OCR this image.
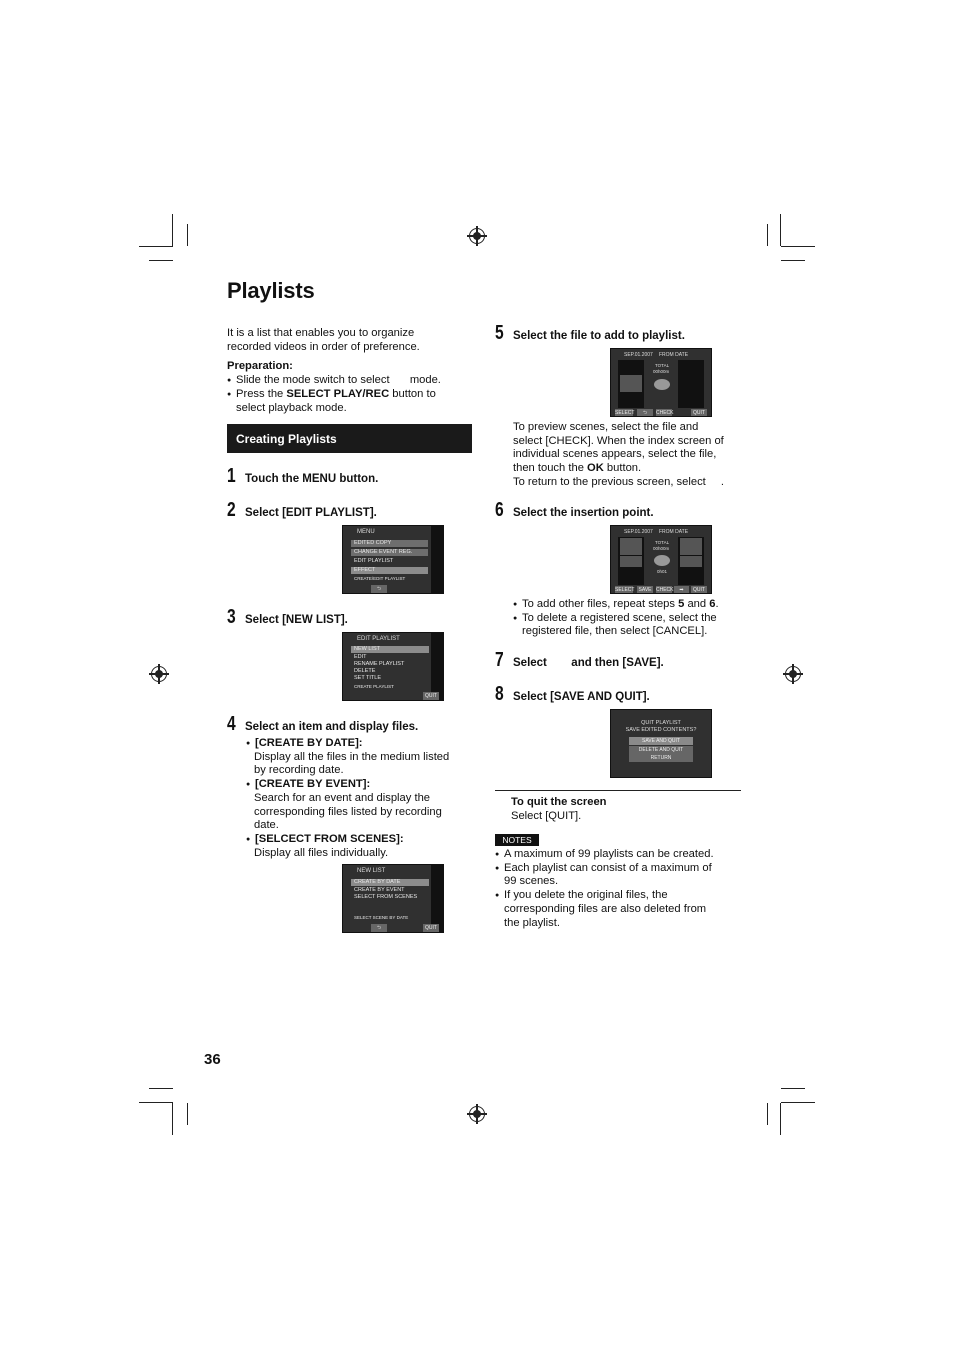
Playlists
It is a list that enables you to organize
recorded videos in order of preference.
Preparation:
● Slide the mode switch to select mode.
● Press the SELECT PLAY/REC button to
select playback mode.
Creating Playlists
1 Touch the MENU button.
2 Select [EDIT PLAYLIST].
MENU
EDITED COPY
CHANGE EVENT REG.
EDIT PLAYLIST
EFFECT
CREATE/EDIT PLAYLIST
⮌
3 Select [NEW LIST].
EDIT PLAYLIST
NEW LIST
EDIT
RENAME PLAYLIST
DELETE
SET TITLE
CREATE PLAYLIST
QUIT
4 Select an item and display files.
● [CREATE BY DATE]:
Display all the files in the medium listed
by recording date.
● [CREATE BY EVENT]:
Search for an event and display the
corresponding files listed by recording
date.
● [SELCECT FROM SCENES]:
Display all files individually.
NEW LIST
CREATE BY DATE
CREATE BY EVENT
SELECT FROM SCENES
SELECT SCENE BY DATE
⮌	QUIT
5 Select the file to add to playlist.
SEP.01.2007 FROM DATE
TOTAL
00h00m
SELECT	⮌	CHECK	QUIT
To preview scenes, select the file and
select [CHECK]. When the index screen of
individual scenes appears, select the file,
then touch the OK button.
To return to the previous screen, select .
6 Select the insertion point.
SEP.01.2007 FROM DATE
TOTAL
00h00m
0h01
SELECT SAVE CHECK	➡	QUIT
● To add other files, repeat steps 5 and 6.
● To delete a registered scene, select the
registered file, then select [CANCEL].
7 Select and then [SAVE].
8 Select [SAVE AND QUIT].
QUIT PLAYLIST
SAVE EDITED CONTENTS?
SAVE AND QUIT
DELETE AND QUIT
RETURN
To quit the screen
Select [QUIT].
NOTES
● A maximum of 99 playlists can be created.
● Each playlist can consist of a maximum of
99 scenes.
● If you delete the original files, the
corresponding files are also deleted from
the playlist.
36
